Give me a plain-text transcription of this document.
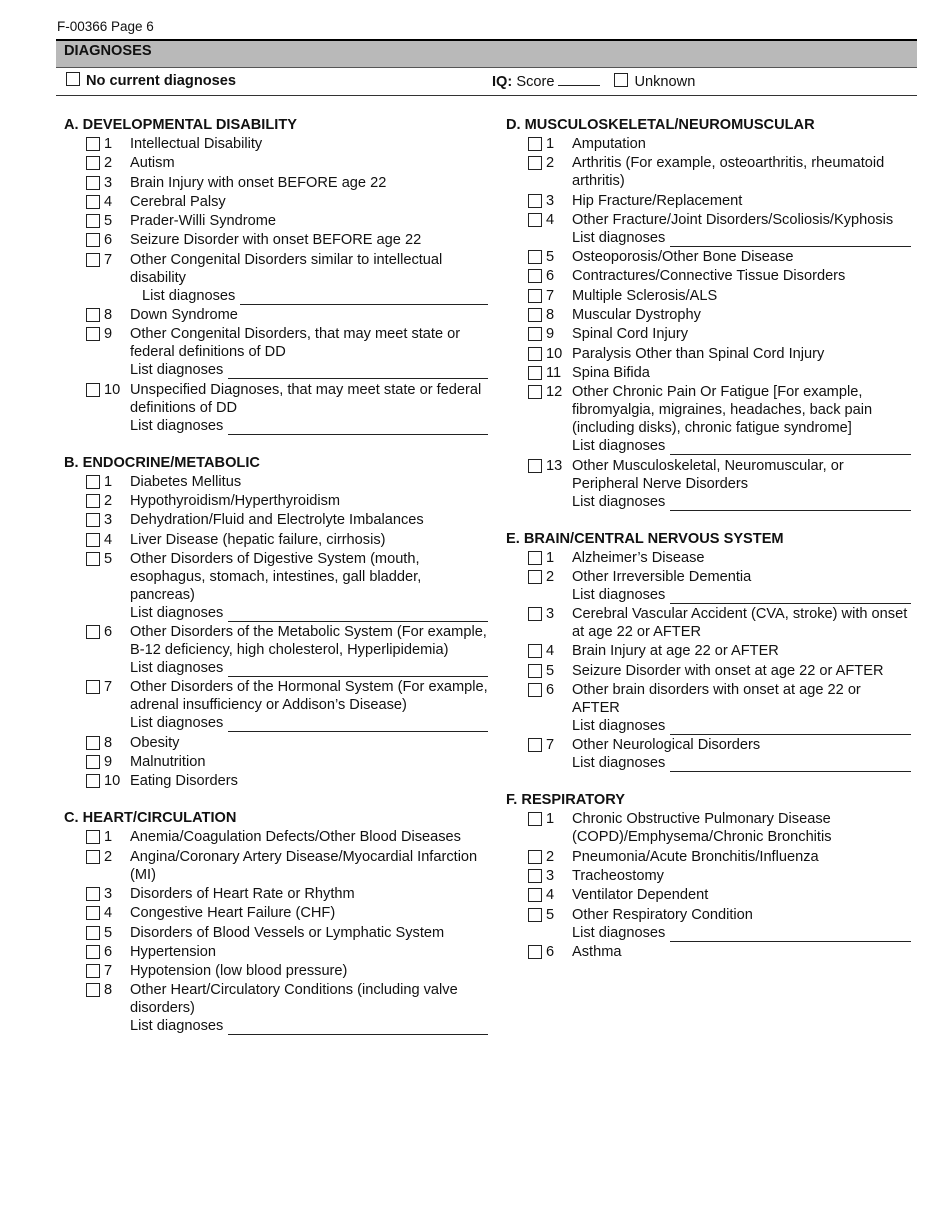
F-00366 Page 6
DIAGNOSES
No current diagnoses	IQ: Score	Unknown
A. DEVELOPMENTAL DISABILITY
1	Intellectual Disability
2	Autism
3	Brain Injury with onset BEFORE age 22
4	Cerebral Palsy
5	Prader-Willi Syndrome
6	Seizure Disorder with onset BEFORE age 22
7	Other Congenital Disorders similar to intellectual disability
List diagnoses
8	Down Syndrome
9	Other Congenital Disorders, that may meet state or federal definitions of DD
List diagnoses
10 Unspecified Diagnoses, that may meet state or federal definitions of DD
List diagnoses
B. ENDOCRINE/METABOLIC
1	Diabetes Mellitus
2	Hypothyroidism/Hyperthyroidism
3	Dehydration/Fluid and Electrolyte Imbalances
4	Liver Disease (hepatic failure, cirrhosis)
5	Other Disorders of Digestive System (mouth, esophagus, stomach, intestines, gall bladder, pancreas)
List diagnoses
6	Other Disorders of the Metabolic System (For example, B-12 deficiency, high cholesterol, Hyperlipidemia)
List diagnoses
7	Other Disorders of the Hormonal System (For example, adrenal insufficiency or Addison’s Disease)
List diagnoses
8	Obesity
9	Malnutrition
10 Eating Disorders
C. HEART/CIRCULATION
1	Anemia/Coagulation Defects/Other Blood Diseases
2	Angina/Coronary Artery Disease/Myocardial Infarction (MI)
3	Disorders of Heart Rate or Rhythm
4	Congestive Heart Failure (CHF)
5	Disorders of Blood Vessels or Lymphatic System
6	Hypertension
7	Hypotension (low blood pressure)
8	Other Heart/Circulatory Conditions (including valve disorders)
List diagnoses
D. MUSCULOSKELETAL/NEUROMUSCULAR
1	Amputation
2	Arthritis (For example, osteoarthritis, rheumatoid arthritis)
3	Hip Fracture/Replacement
4	Other Fracture/Joint Disorders/Scoliosis/Kyphosis
List diagnoses
5	Osteoporosis/Other Bone Disease
6	Contractures/Connective Tissue Disorders
7	Multiple Sclerosis/ALS
8	Muscular Dystrophy
9	Spinal Cord Injury
10 Paralysis Other than Spinal Cord Injury
11 Spina Bifida
12 Other Chronic Pain Or Fatigue [For example, fibromyalgia, migraines, headaches, back pain (including disks), chronic fatigue syndrome]
List diagnoses
13 Other Musculoskeletal, Neuromuscular, or Peripheral Nerve Disorders
List diagnoses
E. BRAIN/CENTRAL NERVOUS SYSTEM
1	Alzheimer’s Disease
2	Other Irreversible Dementia
List diagnoses
3	Cerebral Vascular Accident (CVA, stroke) with onset at age 22 or AFTER
4	Brain Injury at age 22 or AFTER
5	Seizure Disorder with onset at age 22 or AFTER
6	Other brain disorders with onset at age 22 or AFTER
List diagnoses
7	Other Neurological Disorders
List diagnoses
F. RESPIRATORY
1	Chronic Obstructive Pulmonary Disease (COPD)/Emphysema/Chronic Bronchitis
2	Pneumonia/Acute Bronchitis/Influenza
3	Tracheostomy
4	Ventilator Dependent
5	Other Respiratory Condition
List diagnoses
6	Asthma
